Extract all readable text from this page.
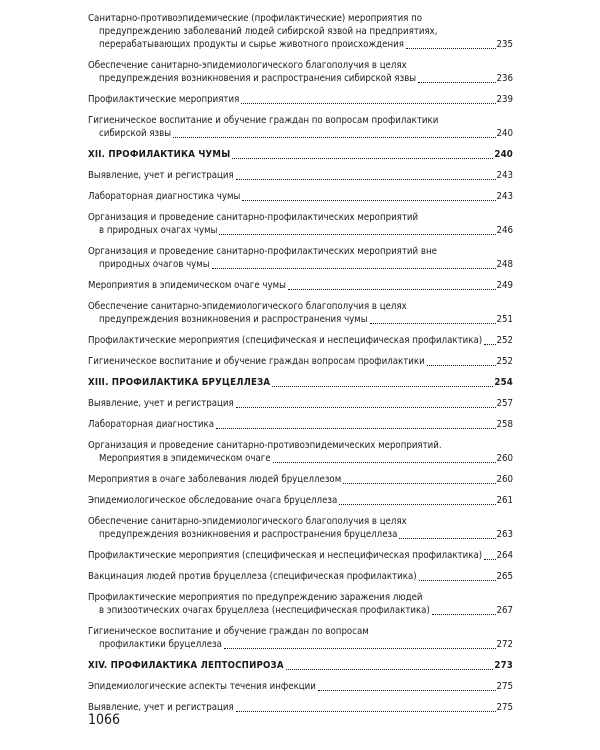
Санитарно-противоэпидемические (профилактические) мероприятия по
предупреждению заболеваний людей сибирской язвой на предприятиях,
перерабатывающих продукты и сырье животного происхождения	235
Обеспечение санитарно-эпидемиологического благополучия в целях
предупреждения возникновения и распространения сибирской язвы	236
Профилактические мероприятия	239
Гигиеническое воспитание и обучение граждан по вопросам профилактики
сибирской язвы	240
XII. ПРОФИЛАКТИКА ЧУМЫ	240
Выявление, учет и регистрация	243
Лабораторная диагностика чумы	243
Организация и проведение санитарно-профилактических мероприятий
в природных очагах чумы	246
Организация и проведение санитарно-профилактических мероприятий вне
природных очагов чумы	248
Мероприятия в эпидемическом очаге чумы	249
Обеспечение санитарно-эпидемиологического благополучия в целях
предупреждения возникновения и распространения чумы	251
Профилактические мероприятия (специфическая и неспецифическая профилактика) 252
Гигиеническое воспитание и обучение граждан вопросам профилактики	252
XIII. ПРОФИЛАКТИКА БРУЦЕЛЛЕЗА	254
Выявление, учет и регистрация	257
Лабораторная диагностика	258
Организация и проведение санитарно-противоэпидемических мероприятий.
Мероприятия в эпидемическом очаге	260
Мероприятия в очаге заболевания людей бруцеллезом	260
Эпидемиологическое обследование очага бруцеллеза	261
Обеспечение санитарно-эпидемиологического благополучия в целях
предупреждения возникновения и распространения бруцеллеза	263
Профилактические мероприятия (специфическая и неспецифическая профилактика) 264
Вакцинация людей против бруцеллеза (специфическая профилактика)	265
Профилактические мероприятия по предупреждению заражения людей
в эпизоотических очагах бруцеллеза (неспецифическая профилактика)	267
Гигиеническое воспитание и обучение граждан по вопросам
профилактики бруцеллеза	272
XIV. ПРОФИЛАКТИКА ЛЕПТОСПИРОЗА	273
Эпидемиологические аспекты течения инфекции	275
Выявление, учет и регистрация	275
1066
